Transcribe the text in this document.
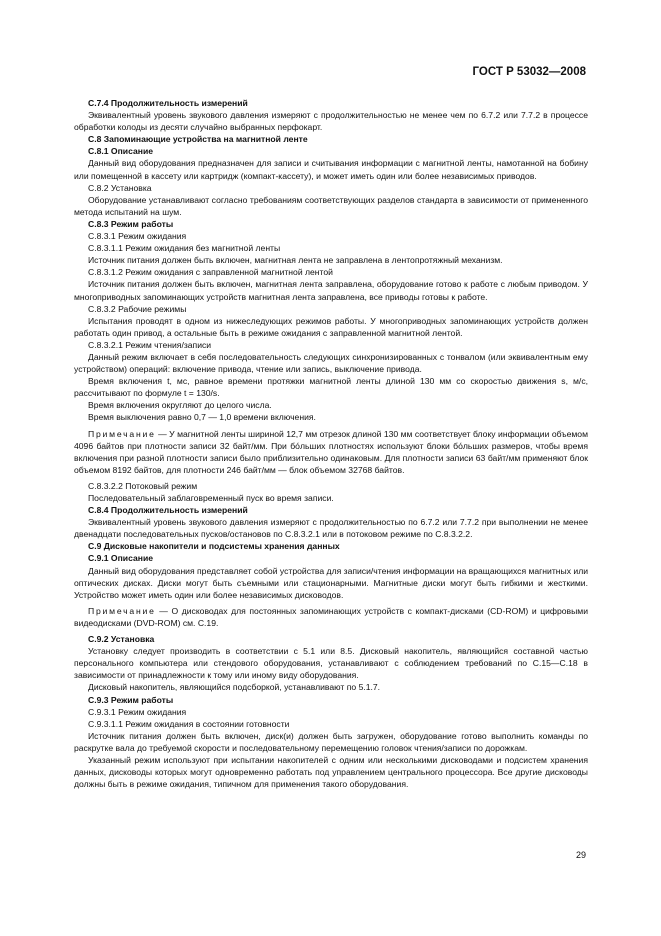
ГОСТ Р 53032—2008

С.7.4 Продолжительность измерений

Эквивалентный уровень звукового давления измеряют с продолжительностью не менее чем по 6.7.2 или 7.7.2 в процессе обработки колоды из десяти случайно выбранных перфокарт.

С.8 Запоминающие устройства на магнитной ленте

С.8.1 Описание

Данный вид оборудования предназначен для записи и считывания информации с магнитной ленты, намотанной на бобину или помещенной в кассету или картридж (компакт-кассету), и может иметь один или более независимых приводов.

С.8.2 Установка

Оборудование устанавливают согласно требованиям соответствующих разделов стандарта в зависимости от примененного метода испытаний на шум.

С.8.3 Режим работы

С.8.3.1 Режим ожидания

С.8.3.1.1 Режим ожидания без магнитной ленты

Источник питания должен быть включен, магнитная лента не заправлена в лентопротяжный механизм.

С.8.3.1.2 Режим ожидания с заправленной магнитной лентой

Источник питания должен быть включен, магнитная лента заправлена, оборудование готово к работе с любым приводом. У многоприводных запоминающих устройств магнитная лента заправлена, все приводы готовы к работе.

С.8.3.2 Рабочие режимы

Испытания проводят в одном из нижеследующих режимов работы. У многоприводных запоминающих устройств должен работать один привод, а остальные быть в режиме ожидания с заправленной магнитной лентой.

С.8.3.2.1 Режим чтения/записи

Данный режим включает в себя последовательность следующих синхронизированных с тонвалом (или эквивалентным ему устройством) операций: включение привода, чтение или запись, выключение привода.

Время включения t, мс, равное времени протяжки магнитной ленты длиной 130 мм со скоростью движения s, м/с, рассчитывают по формуле t = 130/s.

Время включения округляют до целого числа.

Время выключения равно 0,7 — 1,0 времени включения.

Примечание — У магнитной ленты шириной 12,7 мм отрезок длиной 130 мм соответствует блоку информации объемом 4096 байтов при плотности записи 32 байт/мм. При бо́льших плотностях используют блоки бо́льших размеров, чтобы время включения при разной плотности записи было приблизительно одинаковым. Для плотности записи 63 байт/мм применяют блок объемом 8192 байтов, для плотности 246 байт/мм — блок объемом 32768 байтов.

С.8.3.2.2 Потоковый режим

Последовательный заблаговременный пуск во время записи.

С.8.4 Продолжительность измерений

Эквивалентный уровень звукового давления измеряют с продолжительностью по 6.7.2 или 7.7.2 при выполнении не менее двенадцати последовательных пусков/остановов по С.8.3.2.1 или в потоковом режиме по С.8.3.2.2.

С.9 Дисковые накопители и подсистемы хранения данных

С.9.1 Описание

Данный вид оборудования представляет собой устройства для записи/чтения информации на вращающихся магнитных или оптических дисках. Диски могут быть съемными или стационарными. Магнитные диски могут быть гибкими и жесткими. Устройство может иметь один или более независимых дисководов.

Примечание — О дисководах для постоянных запоминающих устройств с компакт-дисками (CD-ROM) и цифровыми видеодисками (DVD-ROM) см. С.19.

С.9.2 Установка

Установку следует производить в соответствии с 5.1 или 8.5. Дисковый накопитель, являющийся составной частью персонального компьютера или стендового оборудования, устанавливают с соблюдением требований по С.15—С.18 в зависимости от принадлежности к тому или иному виду оборудования.

Дисковый накопитель, являющийся подсборкой, устанавливают по 5.1.7.

С.9.3 Режим работы

С.9.3.1 Режим ожидания

С.9.3.1.1 Режим ожидания в состоянии готовности

Источник питания должен быть включен, диск(и) должен быть загружен, оборудование готово выполнить команды по раскрутке вала до требуемой скорости и последовательному перемещению головок чтения/записи по дорожкам.

Указанный режим используют при испытании накопителей с одним или несколькими дисководами и подсистем хранения данных, дисководы которых могут одновременно работать под управлением центрального процессора. Все другие дисководы должны быть в режиме ожидания, типичном для применения такого оборудования.

29
